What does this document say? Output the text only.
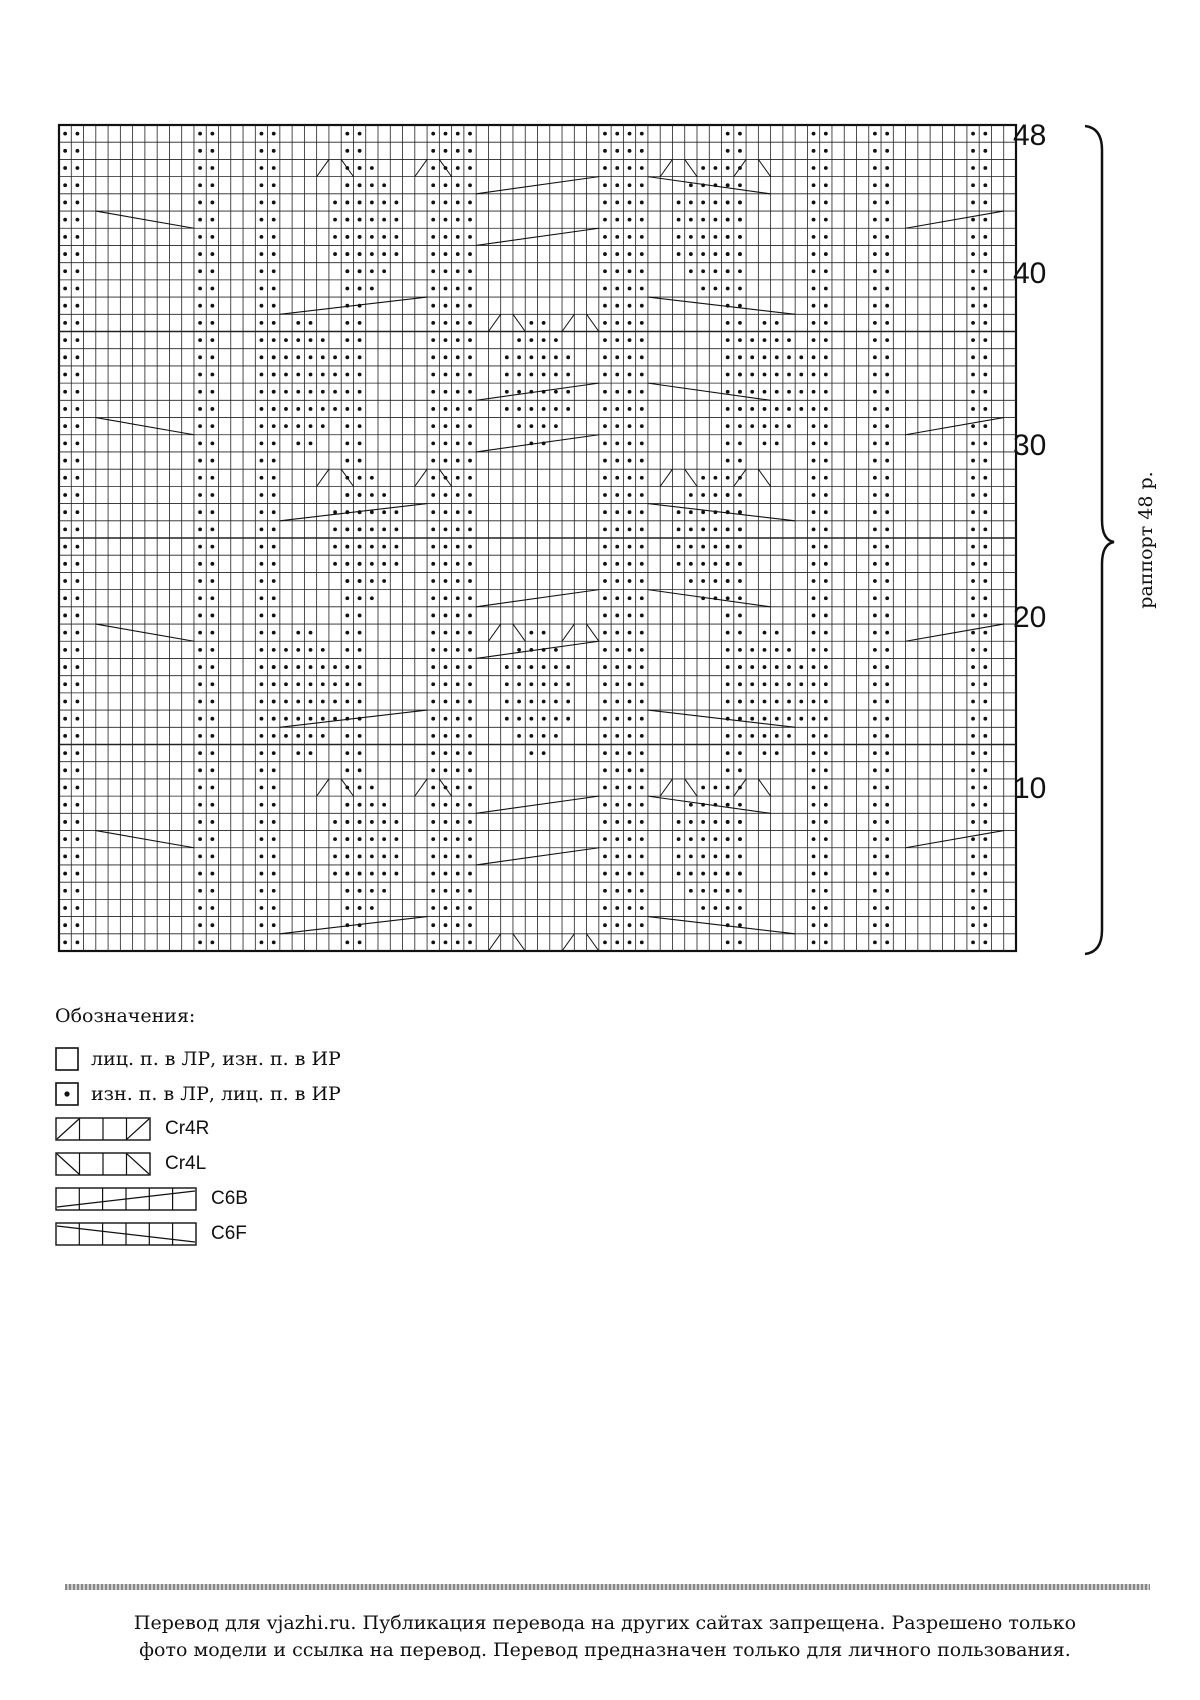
48
40
30
20
10
раппорт 48 р.
Обозначения:
лиц. п. в ЛР, изн. п. в ИР
изн. п. в ЛР, лиц. п. в ИР
Cr4R
Cr4L
C6B
C6F
Перевод для vjazhi.ru. Публикация перевода на других сайтах запрещена. Разрешено только
фото модели и ссылка на перевод. Перевод предназначен только для личного пользования.
